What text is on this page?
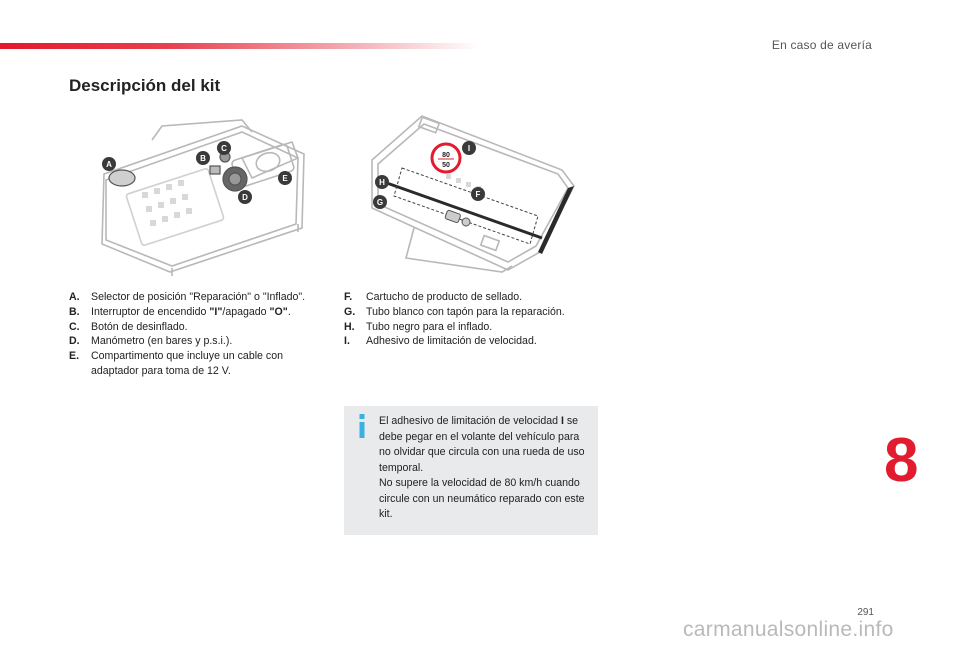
En caso de avería
Descripción del kit
A
B
C
D
E
80
50
I
H
F
G
A.	Selector de posición "Reparación" o "Inflado".
B.	Interruptor de encendido "I"/apagado "O".
C.	Botón de desinflado.
D.	Manómetro (en bares y p.s.i.).
E.	Compartimento que incluye un cable con adaptador para toma de 12 V.
F.	Cartucho de producto de sellado.
G.	Tubo blanco con tapón para la reparación.
H.	Tubo negro para el inflado.
I.	Adhesivo de limitación de velocidad.
El adhesivo de limitación de velocidad I se debe pegar en el volante del vehículo para no olvidar que circula con una rueda de uso temporal.
No supere la velocidad de 80 km/h cuando circule con un neumático reparado con este kit.
8
291
carmanualsonline.info
